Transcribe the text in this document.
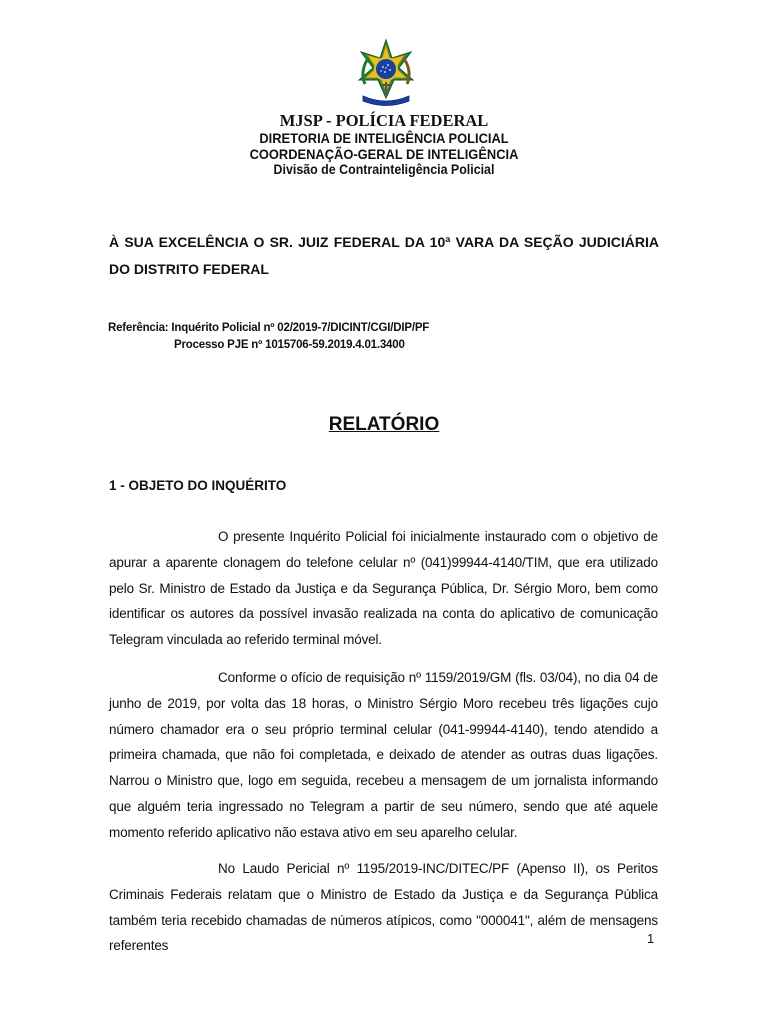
MJSP - POLÍCIA FEDERAL
DIRETORIA DE INTELIGÊNCIA POLICIAL
COORDENAÇÃO-GERAL DE INTELIGÊNCIA
Divisão de Contrainteligência Policial
À SUA EXCELÊNCIA O SR. JUIZ FEDERAL DA 10ª VARA DA SEÇÃO JUDICIÁRIA DO DISTRITO FEDERAL
Referência: Inquérito Policial nº 02/2019-7/DICINT/CGI/DIP/PF
Processo PJE nº 1015706-59.2019.4.01.3400
RELATÓRIO
1 - OBJETO DO INQUÉRITO
O presente Inquérito Policial foi inicialmente instaurado com o objetivo de apurar a aparente clonagem do telefone celular nº (041)99944-4140/TIM, que era utilizado pelo Sr. Ministro de Estado da Justiça e da Segurança Pública, Dr. Sérgio Moro, bem como identificar os autores da possível invasão realizada na conta do aplicativo de comunicação Telegram vinculada ao referido terminal móvel.
Conforme o ofício de requisição nº 1159/2019/GM (fls. 03/04), no dia 04 de junho de 2019, por volta das 18 horas, o Ministro Sérgio Moro recebeu três ligações cujo número chamador era o seu próprio terminal celular (041-99944-4140), tendo atendido a primeira chamada, que não foi completada, e deixado de atender as outras duas ligações. Narrou o Ministro que, logo em seguida, recebeu a mensagem de um jornalista informando que alguém teria ingressado no Telegram a partir de seu número, sendo que até aquele momento referido aplicativo não estava ativo em seu aparelho celular.
No Laudo Pericial nº 1195/2019-INC/DITEC/PF (Apenso II), os Peritos Criminais Federais relatam que o Ministro de Estado da Justiça e da Segurança Pública também teria recebido chamadas de números atípicos, como "000041", além de mensagens referentes	1
